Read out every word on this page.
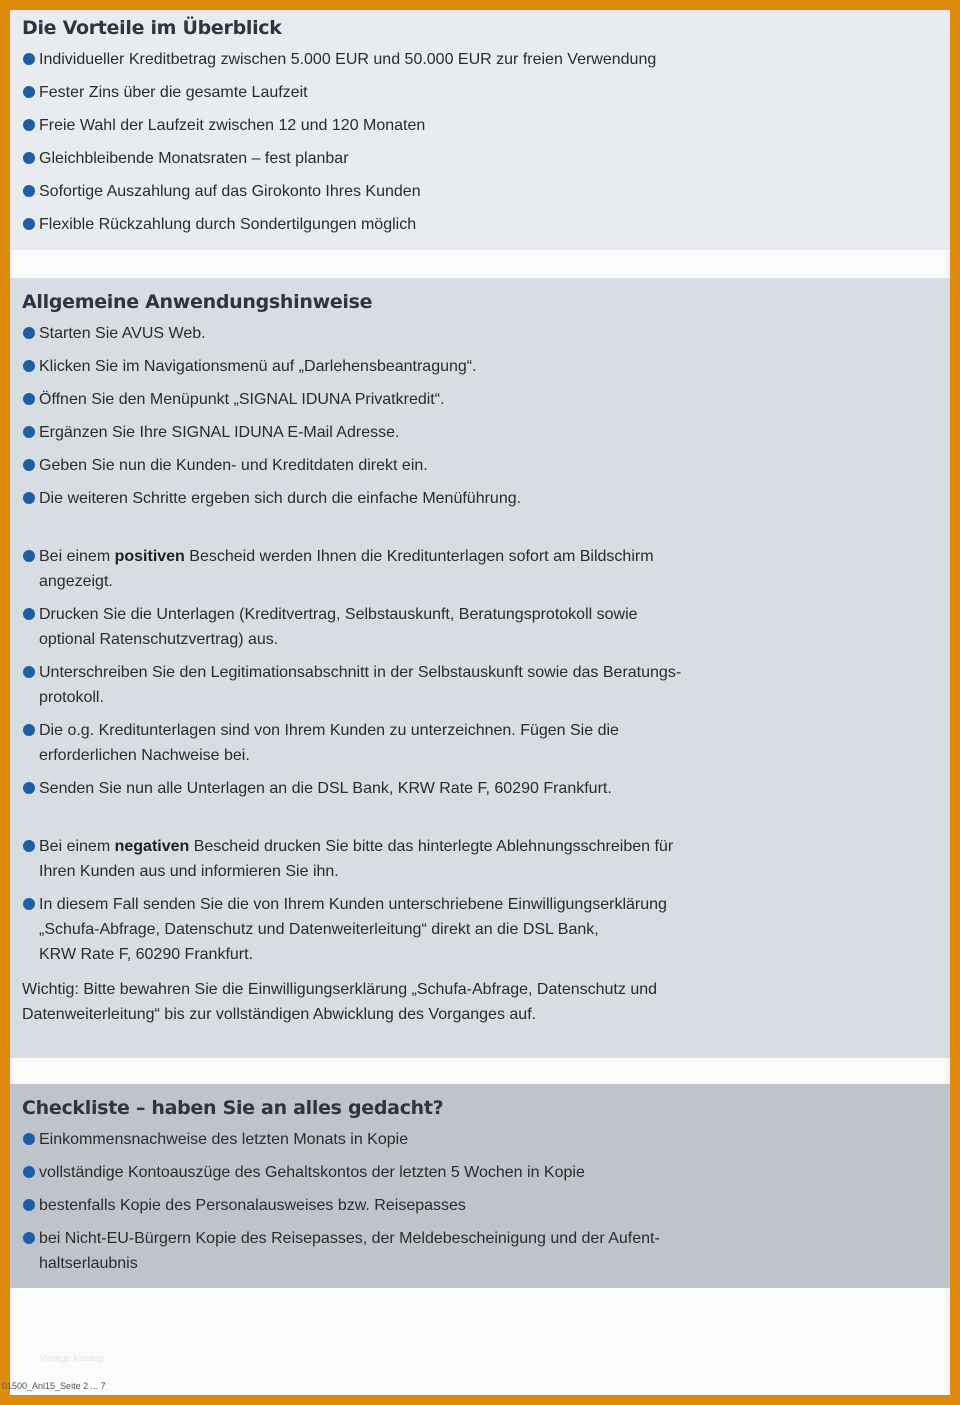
Die Vorteile im Überblick
Individueller Kreditbetrag zwischen 5.000 EUR und 50.000 EUR zur freien Verwendung
Fester Zins über die gesamte Laufzeit
Freie Wahl der Laufzeit zwischen 12 und 120 Monaten
Gleichbleibende Monatsraten – fest planbar
Sofortige Auszahlung auf das Girokonto Ihres Kunden
Flexible Rückzahlung durch Sondertilgungen möglich
Allgemeine Anwendungshinweise
Starten Sie AVUS Web.
Klicken Sie im Navigationsmenü auf „Darlehensbeantragung“.
Öffnen Sie den Menüpunkt „SIGNAL IDUNA Privatkredit“.
Ergänzen Sie Ihre SIGNAL IDUNA E-Mail Adresse.
Geben Sie nun die Kunden- und Kreditdaten direkt ein.
Die weiteren Schritte ergeben sich durch die einfache Menüführung.
Bei einem positiven Bescheid werden Ihnen die Kreditunterlagen sofort am Bildschirm
angezeigt.
Drucken Sie die Unterlagen (Kreditvertrag, Selbstauskunft, Beratungsprotokoll sowie
optional Ratenschutzvertrag) aus.
Unterschreiben Sie den Legitimationsabschnitt in der Selbstauskunft sowie das Beratungs-
protokoll.
Die o.g. Kreditunterlagen sind von Ihrem Kunden zu unterzeichnen. Fügen Sie die
erforderlichen Nachweise bei.
Senden Sie nun alle Unterlagen an die DSL Bank, KRW Rate F, 60290 Frankfurt.
Bei einem negativen Bescheid drucken Sie bitte das hinterlegte Ablehnungsschreiben für
Ihren Kunden aus und informieren Sie ihn.
In diesem Fall senden Sie die von Ihrem Kunden unterschriebene Einwilligungserklärung
„Schufa-Abfrage, Datenschutz und Datenweiterleitung“ direkt an die DSL Bank,
KRW Rate F, 60290 Frankfurt.
Wichtig: Bitte bewahren Sie die Einwilligungserklärung „Schufa-Abfrage, Datenschutz und
Datenweiterleitung“ bis zur vollständigen Abwicklung des Vorganges auf.
Checkliste – haben Sie an alles gedacht?
Einkommensnachweise des letzten Monats in Kopie
vollständige Kontoauszüge des Gehaltskontos der letzten 5 Wochen in Kopie
bestenfalls Kopie des Personalausweises bzw. Reisepasses
bei Nicht-EU-Bürgern Kopie des Reisepasses, der Meldebescheinigung und der Aufent-
haltserlaubnis
Vorlage Katalog
01500_Anl15_Seite 2 ... 7
